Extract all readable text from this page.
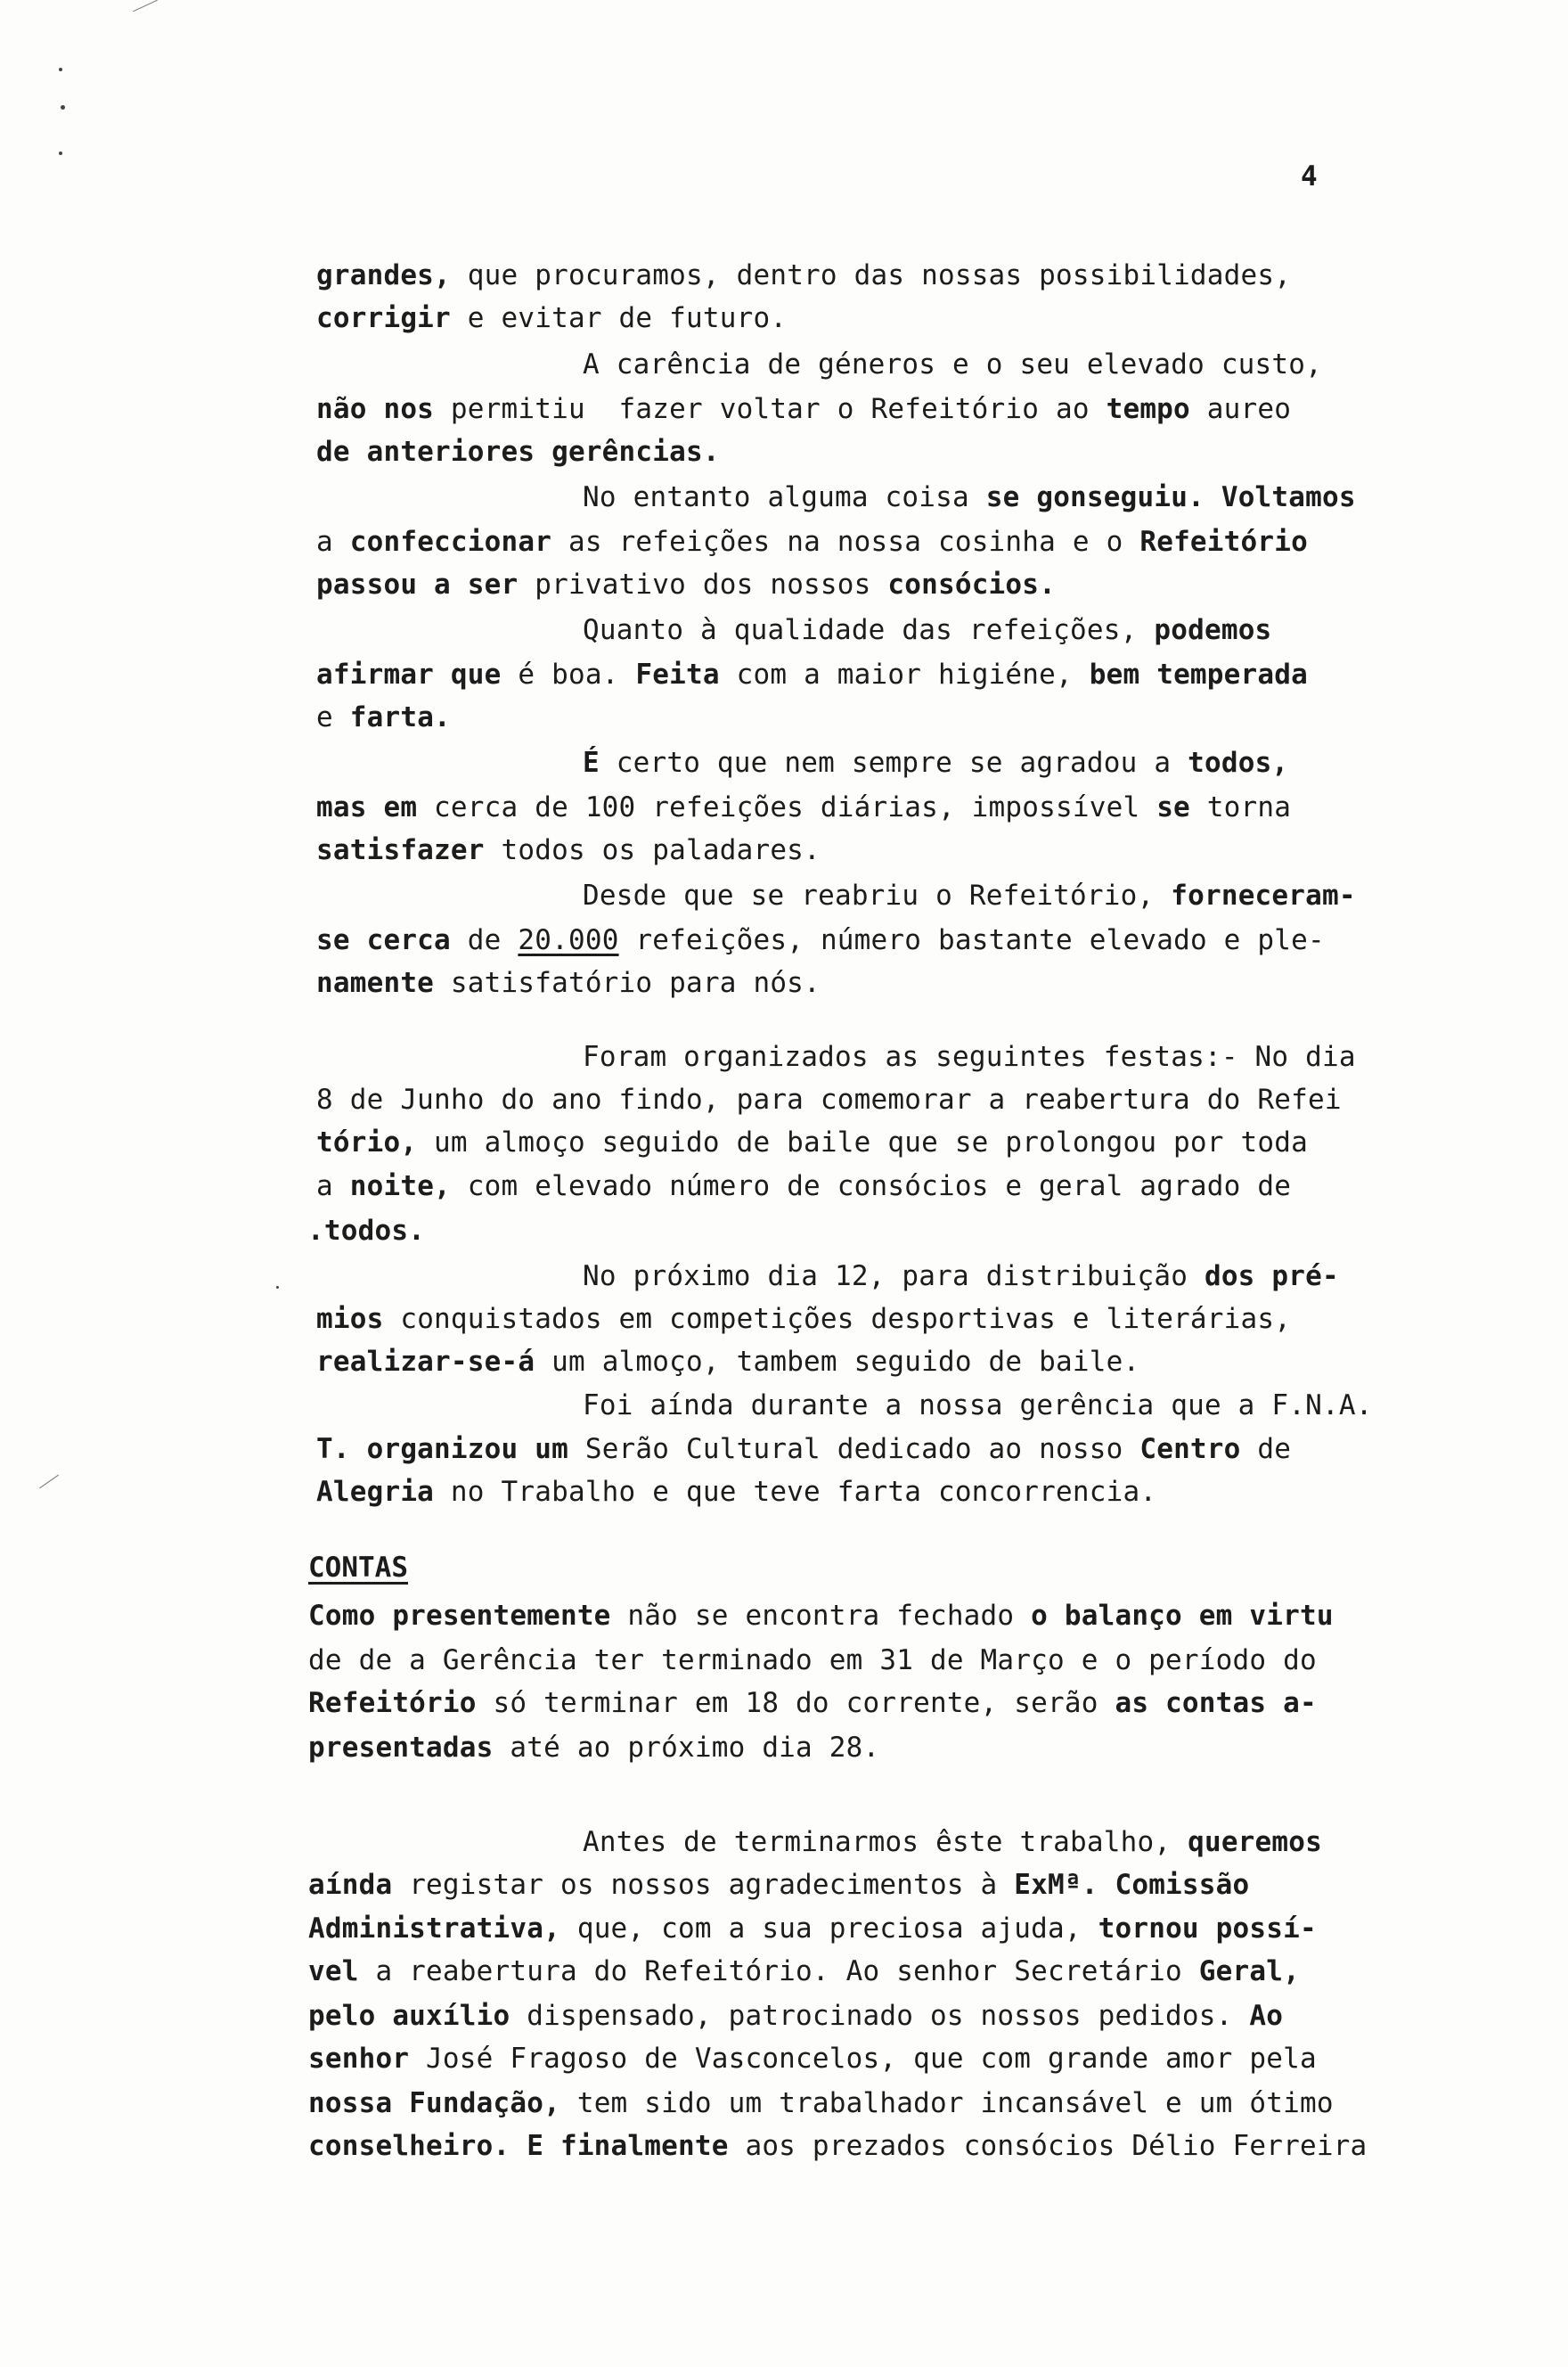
4
grandes, que procuramos, dentro das nossas possibilidades,
corrigir e evitar de futuro.
A carência de géneros e o seu elevado custo,
não nos permitiu  fazer voltar o Refeitório ao tempo aureo
de anteriores gerências.
No entanto alguma coisa se gonseguiu. Voltamos
a confeccionar as refeições na nossa cosinha e o Refeitório
passou a ser privativo dos nossos consócios.
Quanto à qualidade das refeições, podemos
afirmar que é boa. Feita com a maior higiéne, bem temperada
e farta.
É certo que nem sempre se agradou a todos,
mas em cerca de 100 refeições diárias, impossível se torna
satisfazer todos os paladares.
Desde que se reabriu o Refeitório, forneceram-
se cerca de 20.000 refeições, número bastante elevado e ple-
namente satisfatório para nós.
Foram organizados as seguintes festas:- No dia
8 de Junho do ano findo, para comemorar a reabertura do Refei
tório, um almoço seguido de baile que se prolongou por toda
a noite, com elevado número de consócios e geral agrado de
.todos.
No próximo dia 12, para distribuição dos pré-
mios conquistados em competições desportivas e literárias,
realizar-se-á um almoço, tambem seguido de baile.
Foi aínda durante a nossa gerência que a F.N.A.
T. organizou um Serão Cultural dedicado ao nosso Centro de
Alegria no Trabalho e que teve farta concorrencia.
CONTAS
Como presentemente não se encontra fechado o balanço em virtu
de de a Gerência ter terminado em 31 de Março e o período do
Refeitório só terminar em 18 do corrente, serão as contas a-
presentadas até ao próximo dia 28.
Antes de terminarmos êste trabalho, queremos
aínda registar os nossos agradecimentos à ExMª. Comissão
Administrativa, que, com a sua preciosa ajuda, tornou possí-
vel a reabertura do Refeitório. Ao senhor Secretário Geral,
pelo auxílio dispensado, patrocinado os nossos pedidos. Ao
senhor José Fragoso de Vasconcelos, que com grande amor pela
nossa Fundação, tem sido um trabalhador incansável e um ótimo
conselheiro. E finalmente aos prezados consócios Délio Ferreira
